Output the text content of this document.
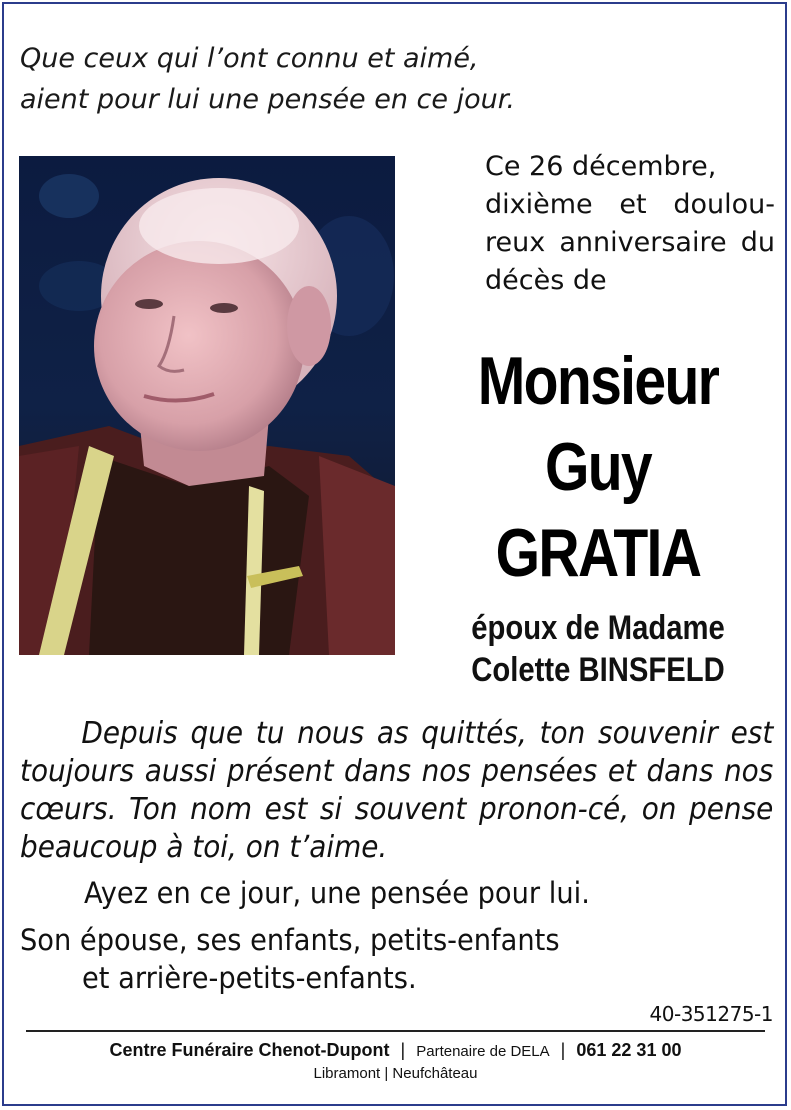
Que ceux qui l’ont connu et aimé,
aient pour lui une pensée en ce jour.
Ce 26 décembre,
dixième et doulou-reux anniversaire du décès de
Monsieur
Guy
GRATIA
époux de Madame
Colette BINSFELD
Depuis que tu nous as quittés, ton souvenir est toujours aussi présent dans nos pensées et dans nos cœurs. Ton nom est si souvent pronon-cé, on pense beaucoup à toi, on t’aime.
Ayez en ce jour, une pensée pour lui.
Son épouse, ses enfants, petits-enfants
et arrière-petits-enfants.
40-351275-1
Centre Funéraire Chenot-Dupont | Partenaire de DELA | 061 22 31 00
Libramont | Neufchâteau
